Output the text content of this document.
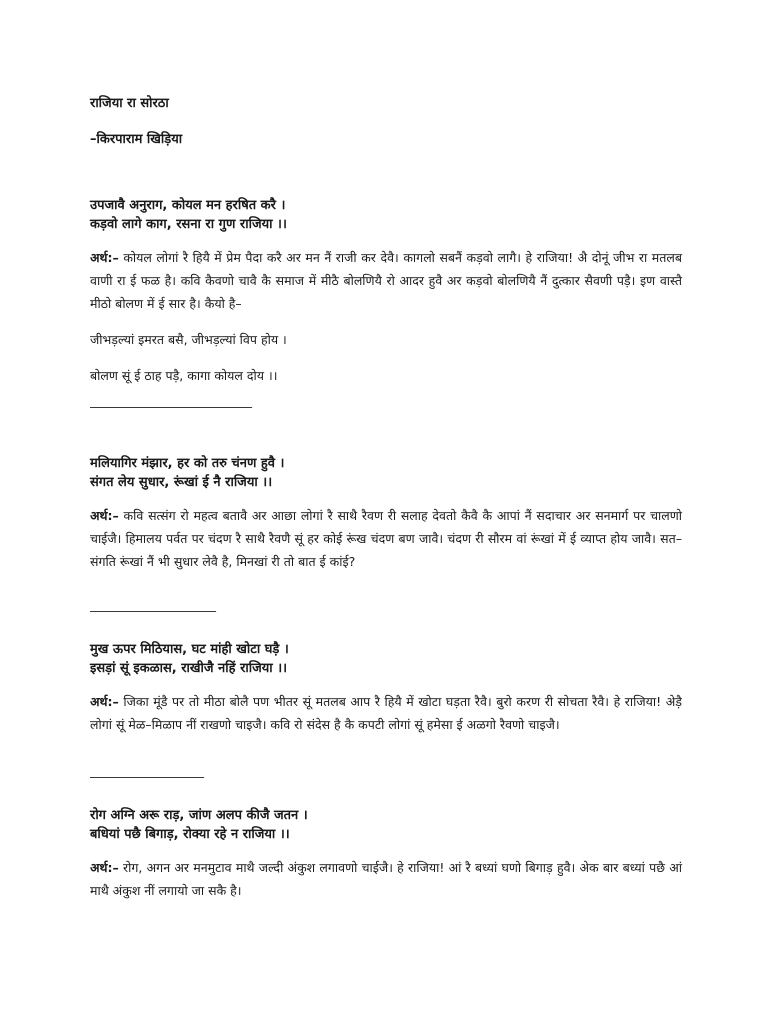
राजिया रा सोरठा

–किरपाराम खिड़िया

उपजावै अनुराग, कोयल मन हरषित करै ।

कड़वो लागे काग, रसना रा गुण राजिया ।।

अर्थ:– कोयल लोगां रै हियै में प्रेम पैदा करै अर मन नैं राजी कर देवै। कागलो सबनैं कड़वो लागै। हे राजिया! अै दोनूं जीभ रा मतलब वाणी रा ई फळ है। कवि कैवणो चावै कै समाज में मीठै बोलणियै रो आदर हुवै अर कड़वो बोलणियै नैं दुत्कार सैवणी पड़ै। इण वास्तै मीठो बोलण में ई सार है। कैयो है–

जीभड़ल्यां इमरत बसै, जीभड़ल्यां विप होय ।

बोलण सूं ई ठाह पड़ै, कागा कोयल दोय ।।

___________________________

मलियागिर मंझार, हर को तरु चंनण हुवै ।

संगत लेय सुधार, रूंखां ई नै राजिया ।।

अर्थ:– कवि सत्संग रो महत्व बतावै अर आछा लोगां रै साथै रैवण री सलाह देवतो कैवै कै आपां नैं सदाचार अर सनमार्ग पर चालणो चाईजै। हिमालय पर्वत पर चंदण रै साथै रैवणै सूं हर कोई रूंख चंदण बण जावै। चंदण री सौरम वां रूंखां में ई व्याप्त होय जावै। सत–संगति रूंखां नैं भी सुधार लेवै है, मिनखां री तो बात ई कांई?

_____________________

मुख ऊपर मिठियास, घट मांही खोटा घड़ै ।

इसड़ां सूं इकळास, राखीजै नहिं राजिया ।।

अर्थ:– जिका मूंडै पर तो मीठा बोलै पण भीतर सूं मतलब आप रै हियै में खोटा घड़ता रैवै। बुरो करण री सोचता रैवै। हे राजिया! अेड़ै लोगां सूं मेळ–मिळाप नीं राखणो चाइजै। कवि रो संदेस है कै कपटी लोगां सूं हमेसा ई अळगो रैवणो चाइजै।

___________________

रोग अग्नि अरू राड़, जांण अलप कीजै जतन ।

बधियां पछै बिगाड़, रोक्या रहे न राजिया ।।

अर्थ:– रोग, अगन अर मनमुटाव माथै जल्दी अंकुश लगावणो चाईजै। हे राजिया! आं रै बध्यां घणो बिगाड़ हुवै। अेक बार बध्यां पछै आं माथै अंकुश नीं लगायो जा सकै है।
